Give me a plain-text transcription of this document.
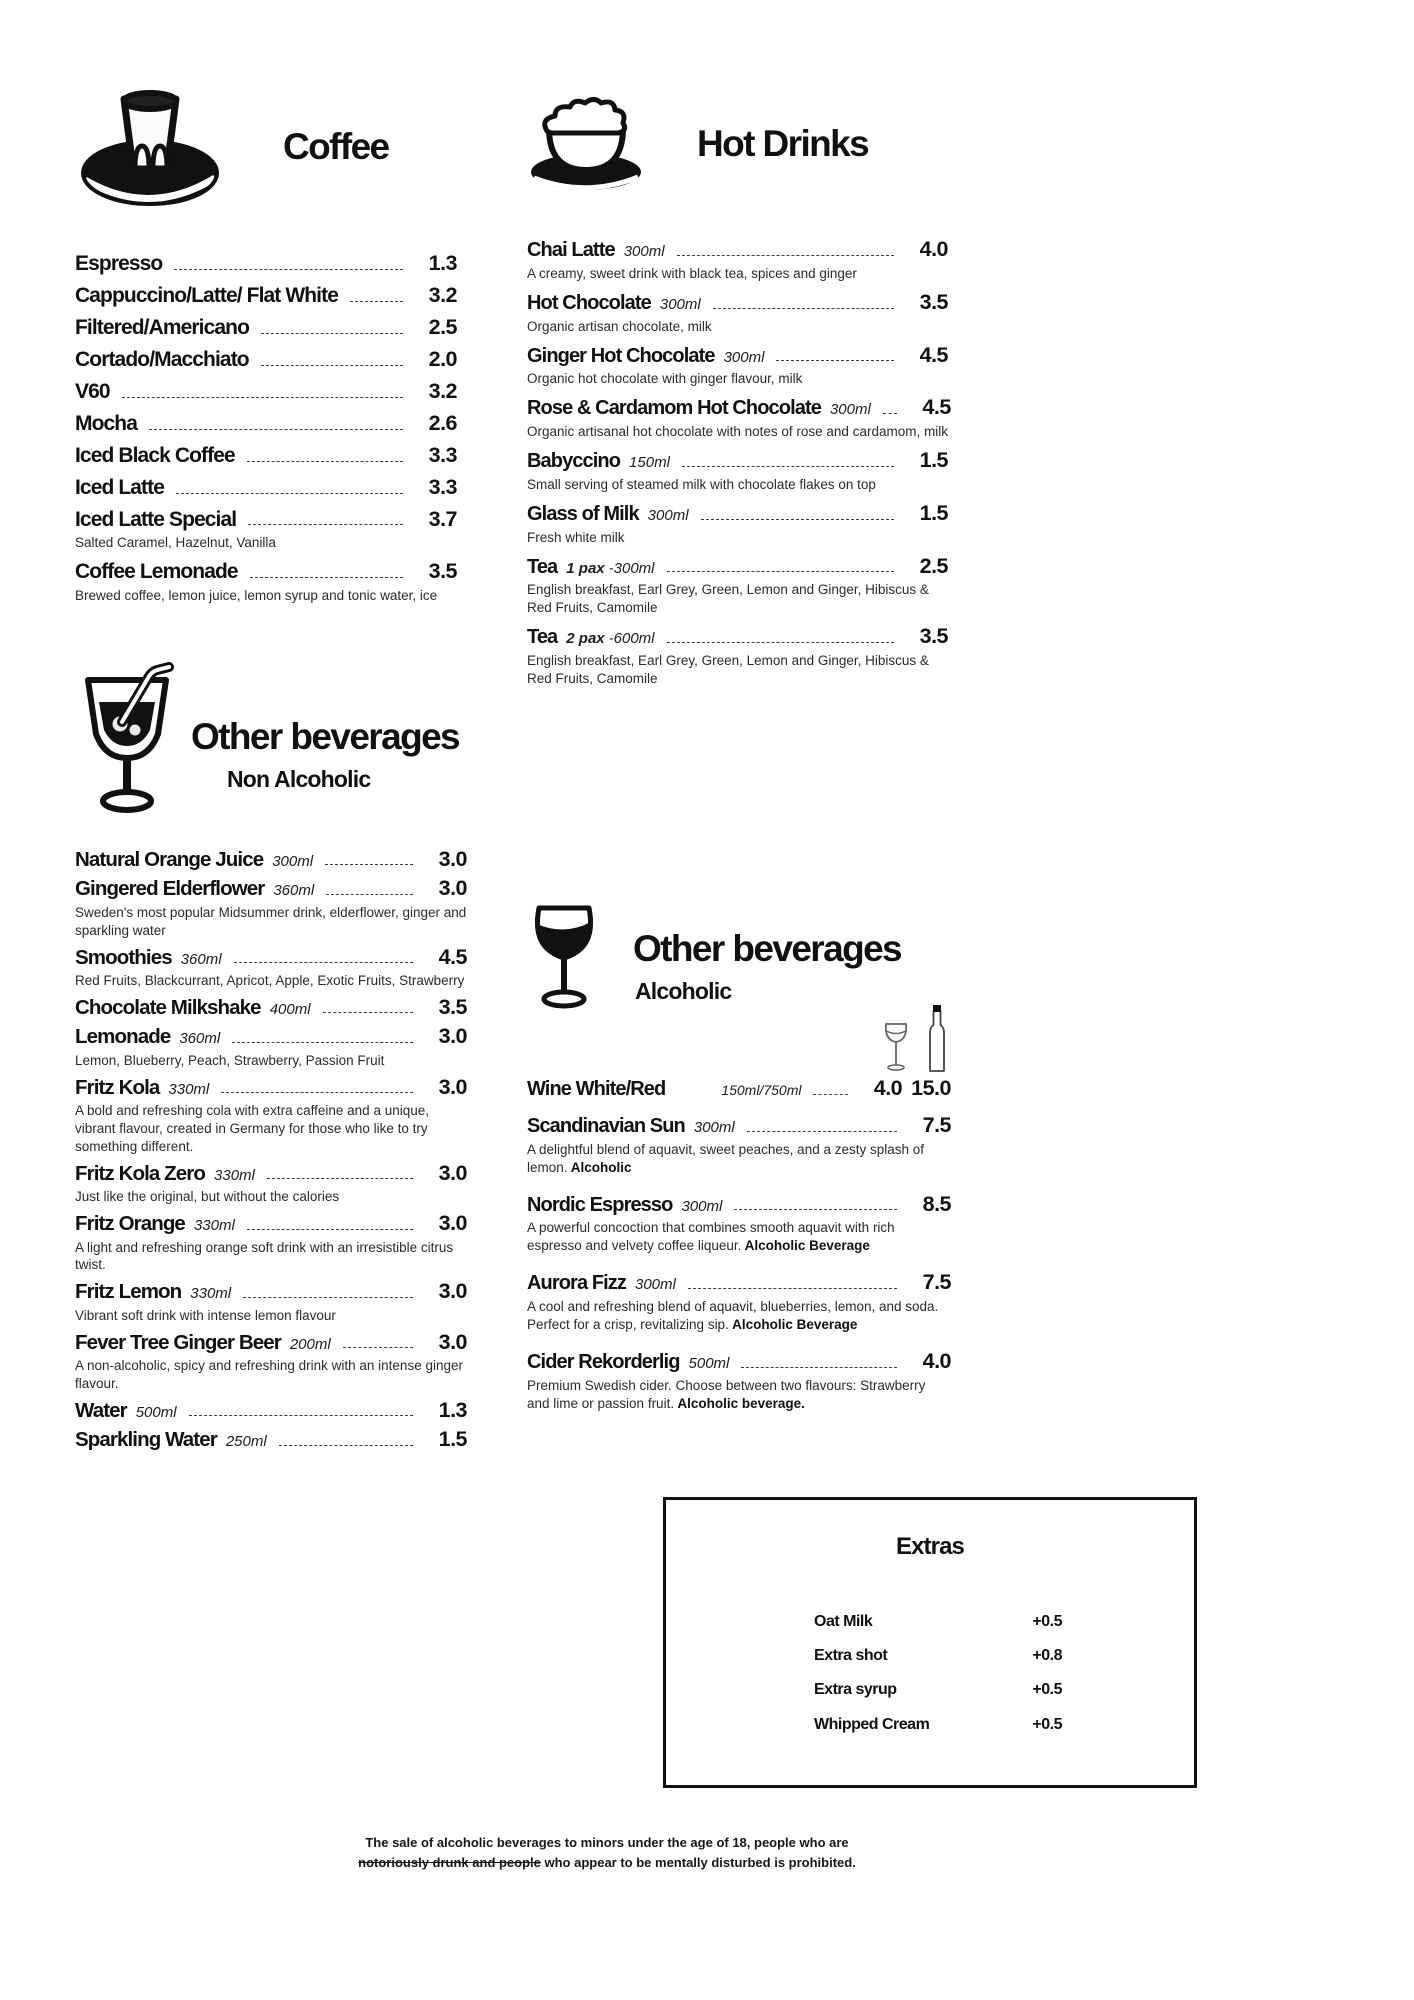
Coffee
Espresso	1.3
Cappuccino/Latte/ Flat White	3.2
Filtered/Americano	2.5
Cortado/Macchiato	2.0
V60	3.2
Mocha	2.6
Iced Black Coffee	3.3
Iced Latte	3.3
Iced Latte Special	3.7
Salted Caramel, Hazelnut, Vanilla
Coffee Lemonade	3.5
Brewed coffee, lemon juice, lemon syrup and tonic water, ice
Hot Drinks
Chai Latte 300ml	4.0
A creamy, sweet drink with black tea, spices and ginger
Hot Chocolate 300ml	3.5
Organic artisan chocolate, milk
Ginger Hot Chocolate 300ml	4.5
Organic hot chocolate with ginger flavour, milk
Rose & Cardamom Hot Chocolate 300ml	4.5
Organic artisanal hot chocolate with notes of rose and cardamom, milk
Babyccino 150ml	1.5
Small serving of steamed milk with chocolate flakes on top
Glass of Milk 300ml	1.5
Fresh white milk
Tea 1 pax -300ml	2.5
English breakfast, Earl Grey, Green, Lemon and Ginger, Hibiscus & Red Fruits, Camomile
Tea 2 pax -600ml	3.5
English breakfast, Earl Grey, Green, Lemon and Ginger, Hibiscus & Red Fruits, Camomile
Other beverages
Non Alcoholic
Natural Orange Juice 300ml	3.0
Gingered Elderflower 360ml	3.0
Sweden's most popular Midsummer drink, elderflower, ginger and sparkling water
Smoothies 360ml	4.5
Red Fruits, Blackcurrant, Apricot, Apple, Exotic Fruits, Strawberry
Chocolate Milkshake 400ml	3.5
Lemonade 360ml	3.0
Lemon, Blueberry, Peach, Strawberry, Passion Fruit
Fritz Kola 330ml	3.0
A bold and refreshing cola with extra caffeine and a unique, vibrant flavour, created in Germany for those who like to try something different.
Fritz Kola Zero 330ml	3.0
Just like the original, but without the calories
Fritz Orange 330ml	3.0
A light and refreshing orange soft drink with an irresistible citrus twist.
Fritz Lemon 330ml	3.0
Vibrant soft drink with intense lemon flavour
Fever Tree Ginger Beer 200ml	3.0
A non-alcoholic, spicy and refreshing drink with an intense ginger flavour.
Water 500ml	1.3
Sparkling Water 250ml	1.5
Other beverages
Alcoholic
Wine White/Red	150ml/750ml	4.0 15.0
Scandinavian Sun 300ml	7.5
A delightful blend of aquavit, sweet peaches, and a zesty splash of lemon. Alcoholic
Nordic Espresso 300ml	8.5
A powerful concoction that combines smooth aquavit with rich espresso and velvety coffee liqueur. Alcoholic Beverage
Aurora Fizz 300ml	7.5
A cool and refreshing blend of aquavit, blueberries, lemon, and soda. Perfect for a crisp, revitalizing sip. Alcoholic Beverage
Cider Rekorderlig 500ml	4.0
Premium Swedish cider. Choose between two flavours: Strawberry and lime or passion fruit. Alcoholic beverage.
Extras
Oat Milk	+0.5
Extra shot	+0.8
Extra syrup	+0.5
Whipped Cream	+0.5
The sale of alcoholic beverages to minors under the age of 18, people who are
notoriously drunk and people who appear to be mentally disturbed is prohibited.
